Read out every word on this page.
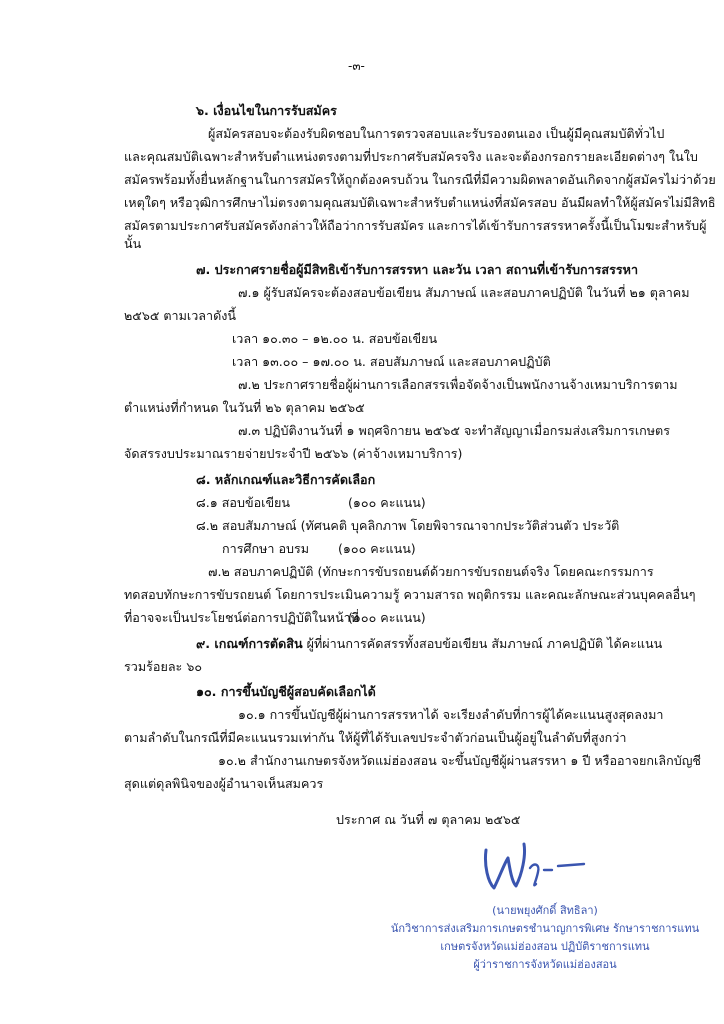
-๓-
๖. เงื่อนไขในการรับสมัคร
ผู้สมัครสอบจะต้องรับผิดชอบในการตรวจสอบและรับรองตนเอง เป็นผู้มีคุณสมบัติทั่วไป
และคุณสมบัติเฉพาะสำหรับตำแหน่งตรงตามที่ประกาศรับสมัครจริง และจะต้องกรอกรายละเอียดต่างๆ ในใบ
สมัครพร้อมทั้งยื่นหลักฐานในการสมัครให้ถูกต้องครบถ้วน ในกรณีที่มีความผิดพลาดอันเกิดจากผู้สมัครไม่ว่าด้วย
เหตุใดๆ หรือวุฒิการศึกษาไม่ตรงตามคุณสมบัติเฉพาะสำหรับตำแหน่งที่สมัครสอบ อันมีผลทำให้ผู้สมัครไม่มีสิทธิ
สมัครตามประกาศรับสมัครดังกล่าวให้ถือว่าการรับสมัคร และการได้เข้ารับการสรรหาครั้งนี้เป็นโมฆะสำหรับผู้
นั้น
๗. ประกาศรายชื่อผู้มีสิทธิเข้ารับการสรรหา และวัน เวลา สถานที่เข้ารับการสรรหา
๗.๑ ผู้รับสมัครจะต้องสอบข้อเขียน สัมภาษณ์ และสอบภาคปฏิบัติ ในวันที่ ๒๑ ตุลาคม
๒๕๖๕ ตามเวลาดังนี้
เวลา ๑๐.๓๐ – ๑๒.๐๐ น. สอบข้อเขียน
เวลา ๑๓.๐๐ – ๑๗.๐๐ น. สอบสัมภาษณ์ และสอบภาคปฏิบัติ
๗.๒ ประกาศรายชื่อผู้ผ่านการเลือกสรรเพื่อจัดจ้างเป็นพนักงานจ้างเหมาบริการตาม
ตำแหน่งที่กำหนด ในวันที่ ๒๖ ตุลาคม ๒๕๖๕
๗.๓ ปฏิบัติงานวันที่ ๑ พฤศจิกายน ๒๕๖๕ จะทำสัญญาเมื่อกรมส่งเสริมการเกษตร
จัดสรรงบประมาณรายจ่ายประจำปี ๒๕๖๖ (ค่าจ้างเหมาบริการ)
๘. หลักเกณฑ์และวิธีการคัดเลือก
๘.๑ สอบข้อเขียน	(๑๐๐ คะแนน)
๘.๒ สอบสัมภาษณ์ (ทัศนคติ บุคลิกภาพ โดยพิจารณาจากประวัติส่วนตัว ประวัติ
การศึกษา อบรม (๑๐๐ คะแนน)
๗.๒ สอบภาคปฏิบัติ (ทักษะการขับรถยนต์ด้วยการขับรถยนต์จริง โดยคณะกรรมการ
ทดสอบทักษะการขับรถยนต์ โดยการประเมินความรู้ ความสารถ พฤติกรรม และคณะลักษณะส่วนบุคคลอื่นๆ
ที่อาจจะเป็นประโยชน์ต่อการปฏิบัติในหน้าที่
(๑๐๐ คะแนน)
๙. เกณฑ์การตัดสิน ผู้ที่ผ่านการคัดสรรทั้งสอบข้อเขียน สัมภาษณ์ ภาคปฏิบัติ ได้คะแนน
รวมร้อยละ ๖๐
๑๐. การขึ้นบัญชีผู้สอบคัดเลือกได้
๑๐.๑ การขึ้นบัญชีผู้ผ่านการสรรหาได้ จะเรียงลำดับที่การผู้ได้คะแนนสูงสุดลงมา
ตามลำดับในกรณีที่มีคะแนนรวมเท่ากัน ให้ผู้ที่ได้รับเลขประจำตัวก่อนเป็นผู้อยู่ในลำดับที่สูงกว่า
๑๐.๒ สำนักงานเกษตรจังหวัดแม่ฮ่องสอน จะขึ้นบัญชีผู้ผ่านสรรหา ๑ ปี หรืออาจยกเลิกบัญชี
สุดแต่ดุลพินิจของผู้อำนาจเห็นสมควร
ประกาศ ณ วันที่ ๗ ตุลาคม ๒๕๖๕
(นายพยุงศักดิ์ สิทธิลา)
นักวิชาการส่งเสริมการเกษตรชำนาญการพิเศษ รักษาราชการแทน
เกษตรจังหวัดแม่ฮ่องสอน ปฏิบัติราชการแทน
ผู้ว่าราชการจังหวัดแม่ฮ่องสอน
